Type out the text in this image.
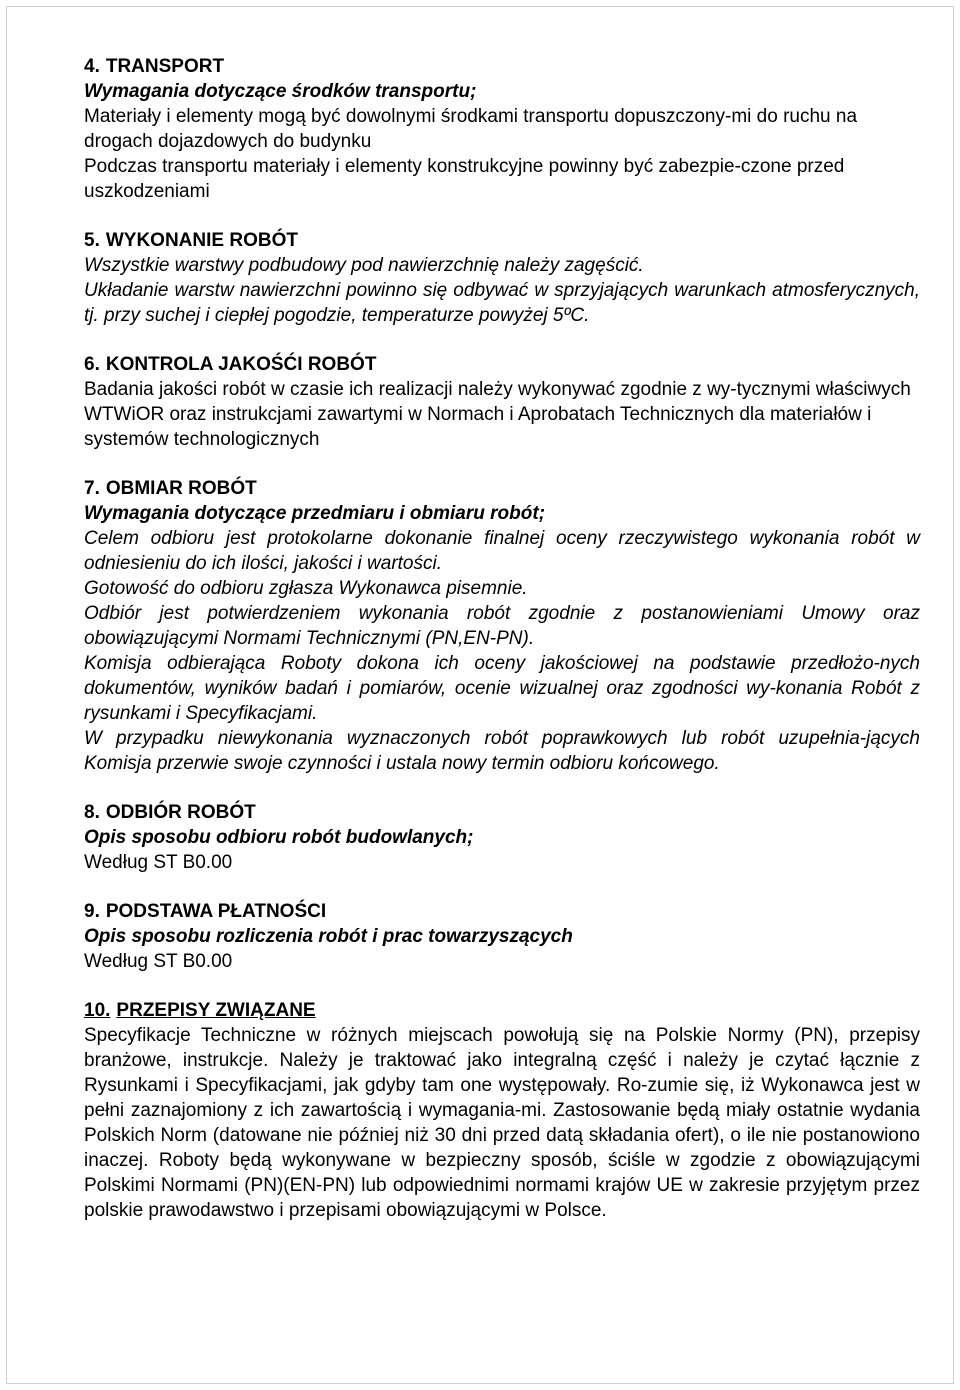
4. TRANSPORT

Wymagania dotyczące środków transportu;

Materiały i elementy mogą być dowolnymi środkami transportu dopuszczony-mi do ruchu na drogach dojazdowych do budynku

Podczas transportu materiały i elementy konstrukcyjne powinny być zabezpie-czone przed uszkodzeniami

5. WYKONANIE ROBÓT

Wszystkie warstwy podbudowy pod nawierzchnię należy zagęścić.

Układanie warstw nawierzchni powinno się odbywać w sprzyjających warunkach atmosferycznych, tj. przy suchej i ciepłej pogodzie, temperaturze powyżej 5ºC.

6. KONTROLA JAKOŚĆI ROBÓT

Badania jakości robót w czasie ich realizacji należy wykonywać zgodnie z wy-tycznymi właściwych WTWiOR oraz instrukcjami zawartymi w Normach i Aprobatach Technicznych dla materiałów i systemów technologicznych

7. OBMIAR ROBÓT

Wymagania dotyczące przedmiaru i obmiaru robót;

Celem odbioru jest protokolarne dokonanie finalnej oceny rzeczywistego wykonania robót w odniesieniu do ich ilości, jakości i wartości.

Gotowość do odbioru zgłasza Wykonawca pisemnie.

Odbiór jest potwierdzeniem wykonania robót zgodnie z postanowieniami Umowy oraz obowiązującymi Normami Technicznymi (PN,EN-PN).

Komisja odbierająca Roboty dokona ich oceny jakościowej na podstawie przedłożo-nych dokumentów, wyników badań i pomiarów, ocenie wizualnej oraz zgodności wy-konania Robót z rysunkami i Specyfikacjami.

W przypadku niewykonania wyznaczonych robót poprawkowych lub robót uzupełnia-jących Komisja przerwie swoje czynności i ustala nowy termin odbioru końcowego.

8. ODBIÓR ROBÓT

Opis sposobu odbioru robót budowlanych;

Według ST B0.00

9. PODSTAWA PŁATNOŚCI

Opis sposobu rozliczenia robót i prac towarzyszących

Według ST B0.00

10. PRZEPISY ZWIĄZANE

Specyfikacje Techniczne w różnych miejscach powołują się na Polskie Normy (PN), przepisy branżowe, instrukcje. Należy je traktować jako integralną część i należy je czytać łącznie z Rysunkami i Specyfikacjami, jak gdyby tam one występowały. Ro-zumie się, iż Wykonawca jest w pełni zaznajomiony z ich zawartością i wymagania-mi. Zastosowanie będą miały ostatnie wydania Polskich Norm (datowane nie później niż 30 dni przed datą składania ofert), o ile nie postanowiono inaczej. Roboty będą wykonywane w bezpieczny sposób, ściśle w zgodzie z obowiązującymi Polskimi Normami (PN)(EN-PN) lub odpowiednimi normami krajów UE w zakresie przyjętym przez polskie prawodawstwo i przepisami obowiązującymi w Polsce.
